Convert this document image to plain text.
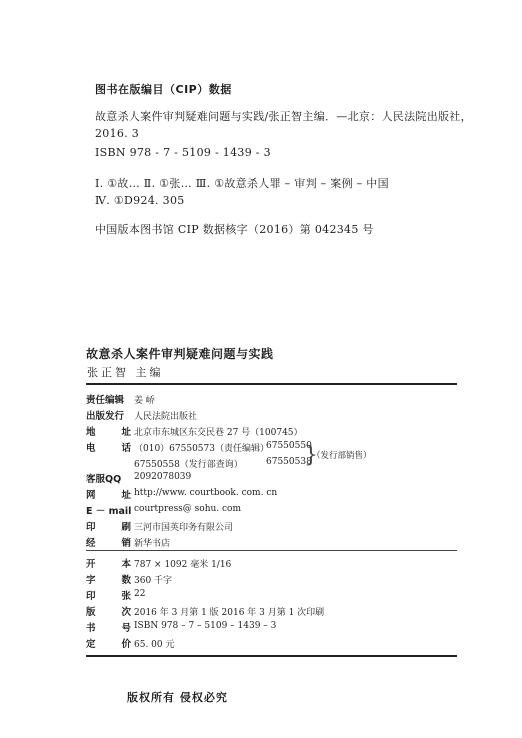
图书在版编目（CIP）数据
故意杀人案件审判疑难问题与实践/张正智主编．—北京：人民法院出版社，
2016. 3
ISBN 978 - 7 - 5109 - 1439 - 3
Ⅰ. ①故… Ⅱ. ①张… Ⅲ. ①故意杀人罪 – 审判 – 案例 – 中国
Ⅳ. ①D924. 305
中国版本图书馆 CIP 数据核字（2016）第 042345 号
故意杀人案件审判疑难问题与实践
张正智 主编
责任编辑 姜 峤
出版发行 人民法院出版社
地	址 北京市东城区东交民巷 27 号（100745）
电	话 （010）67550573（责任编辑）
67550558（发行部查询）
67550550
67550538
}
（发行部销售）
客服QQ 2092078039
网	址 http://www. courtbook. com. cn
E － mail courtpress@ sohu. com
印	刷 三河市国英印务有限公司
经	销 新华书店
开	本 787 × 1092 毫米 1/16
字	数 360 千字
印	张 22
版	次 2016 年 3 月第 1 版 2016 年 3 月第 1 次印刷
书	号 ISBN 978 – 7 – 5109 – 1439 – 3
定	价 65. 00 元
版权所有 侵权必究
